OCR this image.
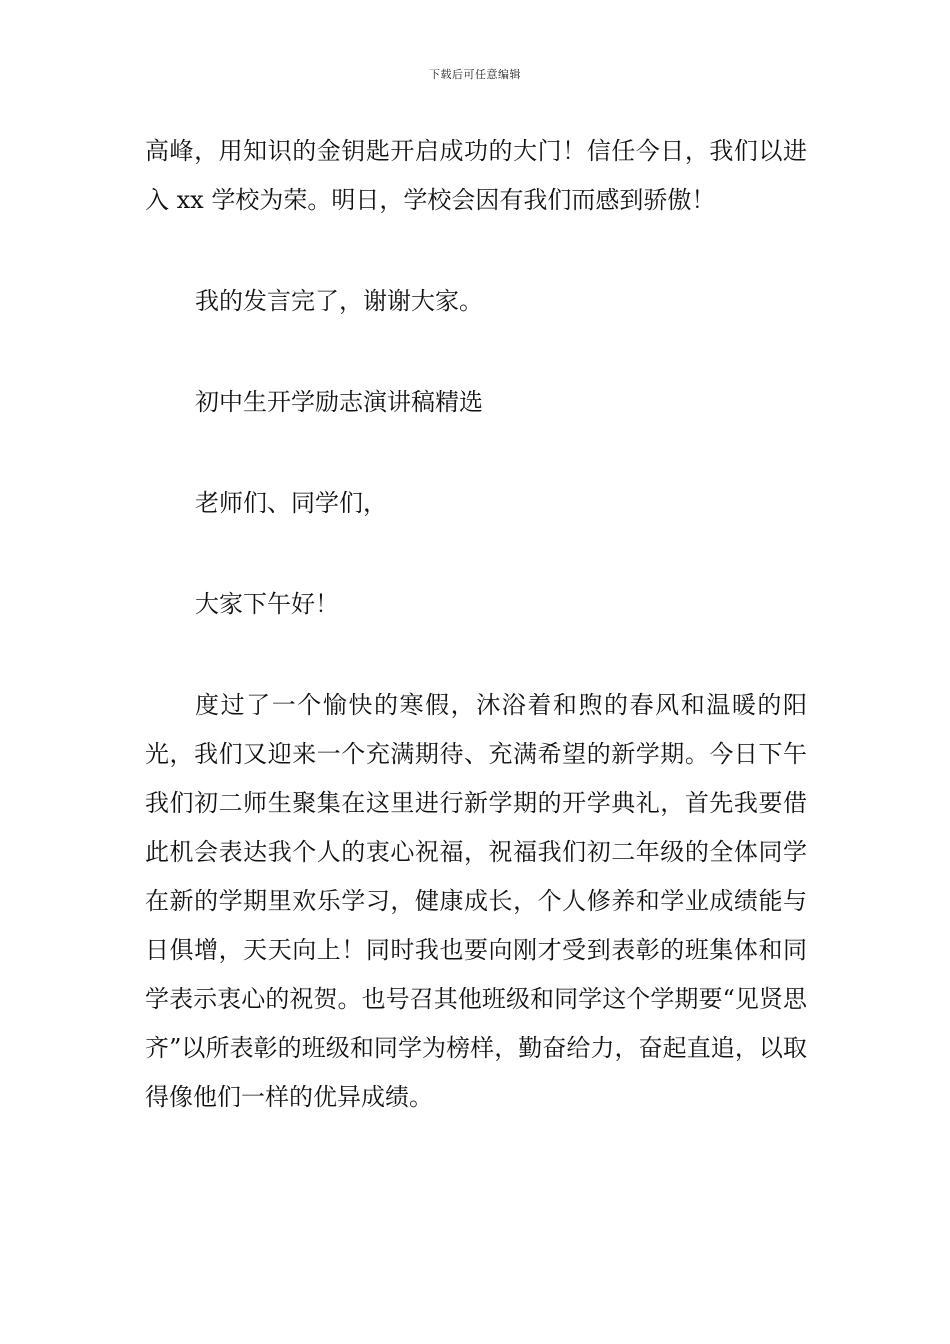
下载后可任意编辑

高峰，用知识的金钥匙开启成功的大门！信任今日，我们以进入 xx 学校为荣。明日，学校会因有我们而感到骄傲！

我的发言完了，谢谢大家。

初中生开学励志演讲稿精选

老师们、同学们，

大家下午好！

度过了一个愉快的寒假，沐浴着和煦的春风和温暖的阳光，我们又迎来一个充满期待、充满希望的新学期。今日下午我们初二师生聚集在这里进行新学期的开学典礼，首先我要借此机会表达我个人的衷心祝福，祝福我们初二年级的全体同学在新的学期里欢乐学习，健康成长，个人修养和学业成绩能与日俱增，天天向上！同时我也要向刚才受到表彰的班集体和同学表示衷心的祝贺。也号召其他班级和同学这个学期要“见贤思齐”以所表彰的班级和同学为榜样，勤奋给力，奋起直追，以取得像他们一样的优异成绩。
